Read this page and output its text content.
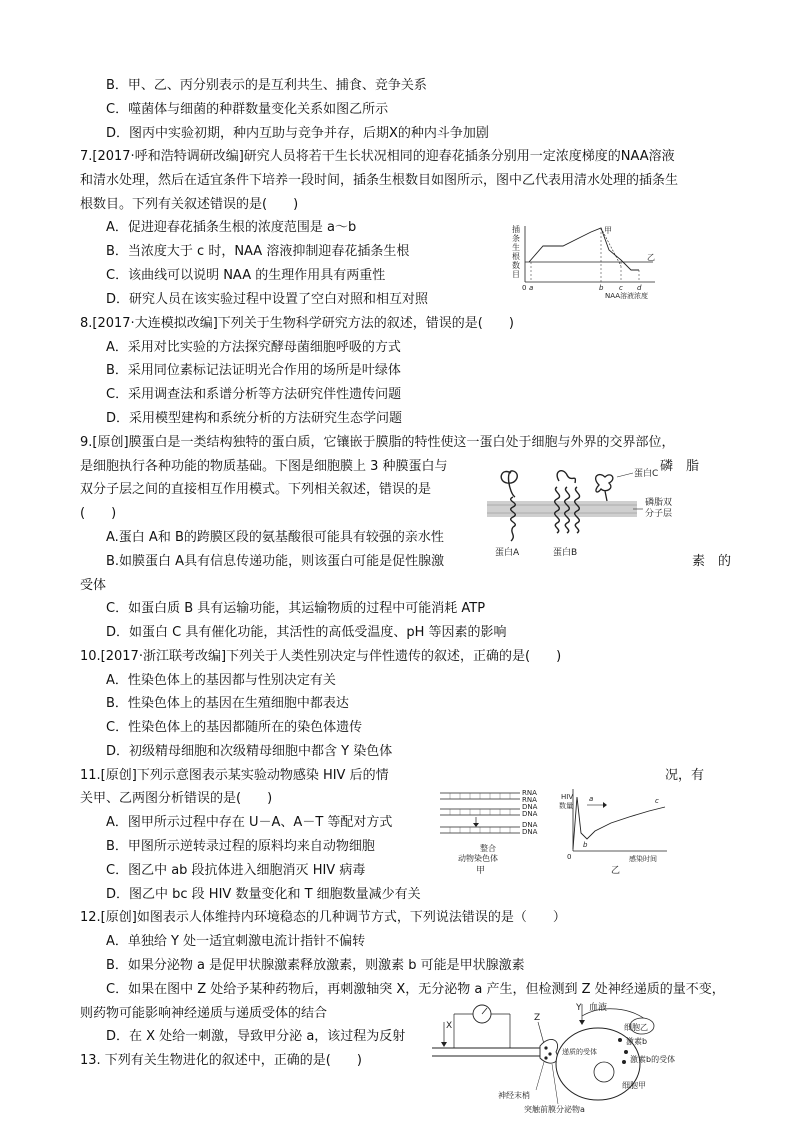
B．甲、乙、丙分别表示的是互利共生、捕食、竞争关系
C．噬菌体与细菌的种群数量变化关系如图乙所示
D．图丙中实验初期，种内互助与竞争并存，后期X的种内斗争加剧
7.[2017·呼和浩特调研改编]研究人员将若干生长状况相同的迎春花插条分别用一定浓度梯度的NAA溶液
和清水处理，然后在适宜条件下培养一段时间，插条生根数目如图所示，图中乙代表用清水处理的插条生
根数目。下列有关叙述错误的是(　　)
A．促进迎春花插条生根的浓度范围是 a～b
B．当浓度大于 c 时，NAA 溶液抑制迎春花插条生根
C．该曲线可以说明 NAA 的生理作用具有两重性
D．研究人员在该实验过程中设置了空白对照和相互对照
插
条
生
根
数
目
甲
乙
0 a	b c d
NAA溶液浓度
8.[2017·大连模拟改编]下列关于生物科学研究方法的叙述，错误的是(　　)
A．采用对比实验的方法探究酵母菌细胞呼吸的方式
B．采用同位素标记法证明光合作用的场所是叶绿体
C．采用调查法和系谱分析等方法研究伴性遗传问题
D．采用模型建构和系统分析的方法研究生态学问题
9.[原创]膜蛋白是一类结构独特的蛋白质，它镶嵌于膜脂的特性使这一蛋白处于细胞与外界的交界部位，
是细胞执行各种功能的物质基础。下图是细胞膜上 3 种膜蛋白与	磷　脂
双分子层之间的直接相互作用模式。下列相关叙述，错误的是
(　　)
A.蛋白 A和 B的跨膜区段的氨基酸很可能具有较强的亲水性
B.如膜蛋白 A具有信息传递功能，则该蛋白可能是促性腺激	素　的
受体
C．如蛋白质 B 具有运输功能，其运输物质的过程中可能消耗 ATP
D．如蛋白 C 具有催化功能，其活性的高低受温度、pH 等因素的影响
蛋白C
磷脂双
分子层
蛋白A	蛋白B
10.[2017·浙江联考改编]下列关于人类性别决定与伴性遗传的叙述，正确的是(　　)
A．性染色体上的基因都与性别决定有关
B．性染色体上的基因在生殖细胞中都表达
C．性染色体上的基因都随所在的染色体遗传
D．初级精母细胞和次级精母细胞中都含 Y 染色体
11.[原创]下列示意图表示某实验动物感染 HIV 后的情	况，有
关甲、乙两图分析错误的是(　　)
A．图甲所示过程中存在 U－A、A－T 等配对方式
B．甲图所示逆转录过程的原料均来自动物细胞
C．图乙中 ab 段抗体进入细胞消灭 HIV 病毒
D．图乙中 bc 段 HIV 数量变化和 T 细胞数量减少有关
RNA
RNA
DNA
DNA
DNA
DNA
整合
动物染色体
甲
HIV
数量
a
b
c
0	感染时间
乙
12.[原创]如图表示人体维持内环境稳态的几种调节方式，下列说法错误的是（　　）
A．单独给 Y 处一适宜刺激电流计指针不偏转
B．如果分泌物 a 是促甲状腺激素释放激素，则激素 b 可能是甲状腺激素
C．如果在图中 Z 处给予某种药物后，再刺激轴突 X，无分泌物 a 产生，但检测到 Z 处神经递质的量不变，
则药物可能影响神经递质与递质受体的结合
D．在 X 处给一刺激，导致甲分泌 a，该过程为反射
13. 下列有关生物进化的叙述中，正确的是(　　)
X
Z
Y 血液
细胞乙
激素b
递质的受体
激素b的受体
细胞甲
神经末梢
突触前膜分泌物a
